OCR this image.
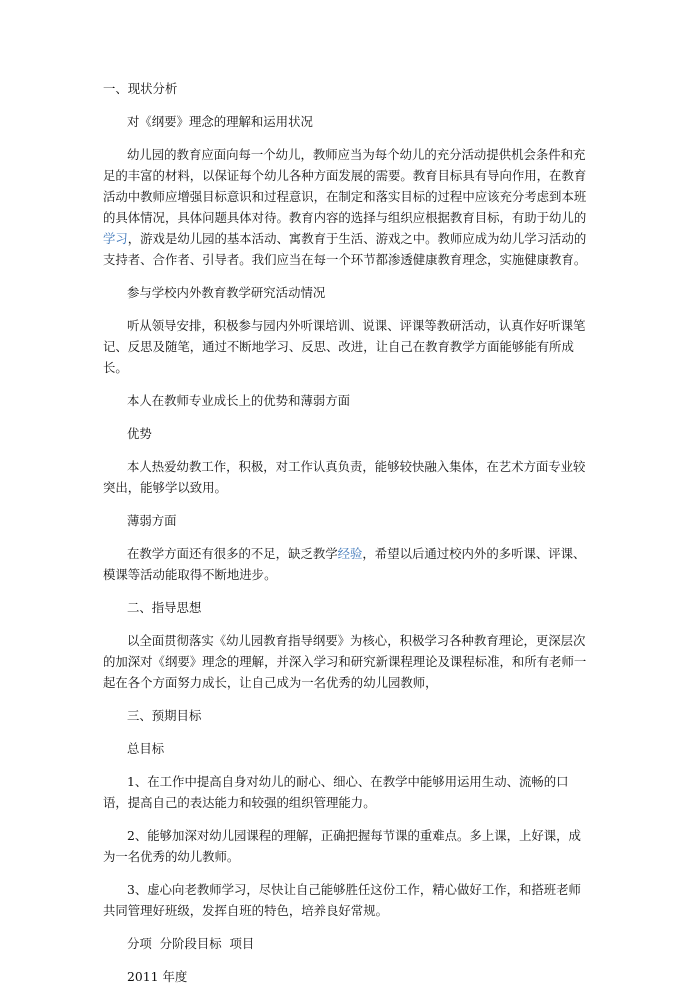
一、现状分析
对《纲要》理念的理解和运用状况
幼儿园的教育应面向每一个幼儿，教师应当为每个幼儿的充分活动提供机会条件和充足的丰富的材料，以保证每个幼儿各种方面发展的需要。教育目标具有导向作用，在教育活动中教师应增强目标意识和过程意识，在制定和落实目标的过程中应该充分考虑到本班的具体情况，具体问题具体对待。教育内容的选择与组织应根据教育目标，有助于幼儿的学习，游戏是幼儿园的基本活动、寓教育于生活、游戏之中。教师应成为幼儿学习活动的支持者、合作者、引导者。我们应当在每一个环节都渗透健康教育理念，实施健康教育。
参与学校内外教育教学研究活动情况
听从领导安排，积极参与园内外听课培训、说课、评课等教研活动，认真作好听课笔记、反思及随笔，通过不断地学习、反思、改进，让自己在教育教学方面能够能有所成长。
本人在教师专业成长上的优势和薄弱方面
优势
本人热爱幼教工作，积极，对工作认真负责，能够较快融入集体，在艺术方面专业较突出，能够学以致用。
薄弱方面
在教学方面还有很多的不足，缺乏教学经验，希望以后通过校内外的多听课、评课、模课等活动能取得不断地进步。
二、指导思想
以全面贯彻落实《幼儿园教育指导纲要》为核心，积极学习各种教育理论，更深层次的加深对《纲要》理念的理解，并深入学习和研究新课程理论及课程标准，和所有老师一起在各个方面努力成长，让自己成为一名优秀的幼儿园教师，
三、预期目标
总目标
1、在工作中提高自身对幼儿的耐心、细心、在教学中能够用运用生动、流畅的口语，提高自己的表达能力和较强的组织管理能力。
2、能够加深对幼儿园课程的理解，正确把握每节课的重难点。多上课，上好课，成为一名优秀的幼儿教师。
3、虚心向老教师学习，尽快让自己能够胜任这份工作，精心做好工作，和搭班老师共同管理好班级，发挥自班的特色，培养良好常规。
分项  分阶段目标  项目
2011 年度
